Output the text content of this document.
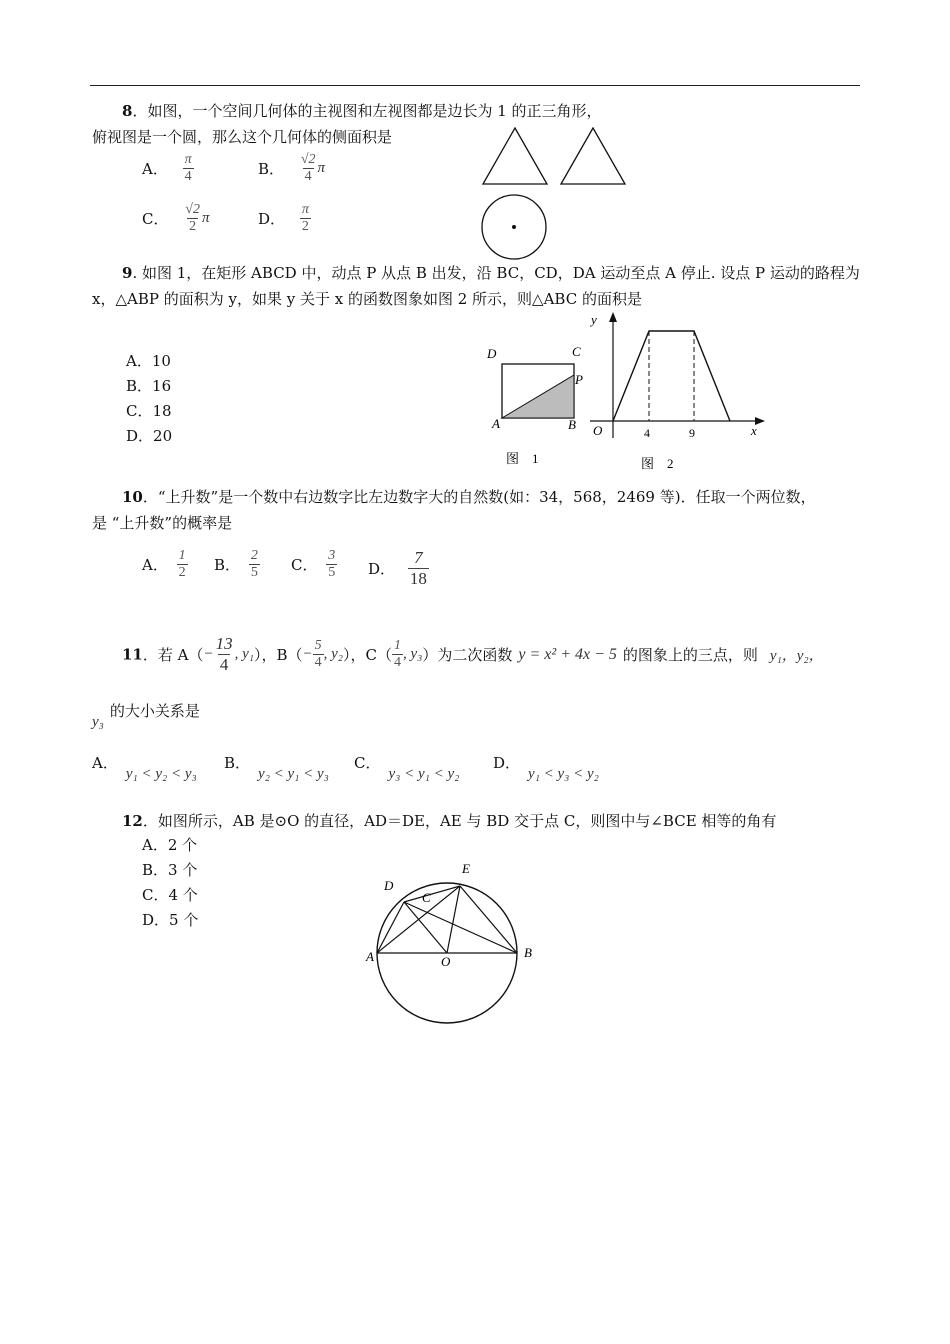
8．如图，一个空间几何体的主视图和左视图都是边长为 1 的正三角形，
俯视图是一个圆，那么这个几何体的侧面积是
A． $\frac{\pi}{4}$	B． $\frac{√2}{4}$ π
C． $\frac{√2}{2}$ π	D． $\frac{\pi}{2}$
9. 如图 1，在矩形 ABCD 中，动点 P 从点 B 出发，沿 BC，CD，DA 运动至点 A 停止. 设点 P 运动的路程为
x，△ABP 的面积为 y，如果 y 关于 x 的函数图象如图 2 所示，则△ABC 的面积是
A．10
B．16
C．18
D．20
D	C
P
A	B
图　1
y
x
O	4	9
图　2
10．“上升数”是一个数中右边数字比左边数字大的自然数(如：34，568，2469 等)．任取一个两位数，
是 “上升数”的概率是
A． $\frac{1}{2}$ B． $\frac{2}{5}$ C． $\frac{3}{5}$ D． $\frac{7}{18}$
11．若 $A(- \frac{13}{4}$ , y₁），$B(- \frac{5}{4}$ , y₂），$C( \frac{1}{4}$ , y₃）为二次函数 y = x² + 4x − 5 的图象上的三点，则 y₁，y₂，
y₃的大小关系是
A．y₁ < y₂ < y₃
B．y₂ < y₁ < y₃
C．y₃ < y₁ < y₂
D．y₁ < y₃ < y₂
12．如图所示，AB 是⊙O 的直径，AD＝DE，AE 与 BD 交于点 C，则图中与∠BCE 相等的角有
A．2 个
B．3 个
C．4 个
D．5 个
A	B
C
D
E
O
